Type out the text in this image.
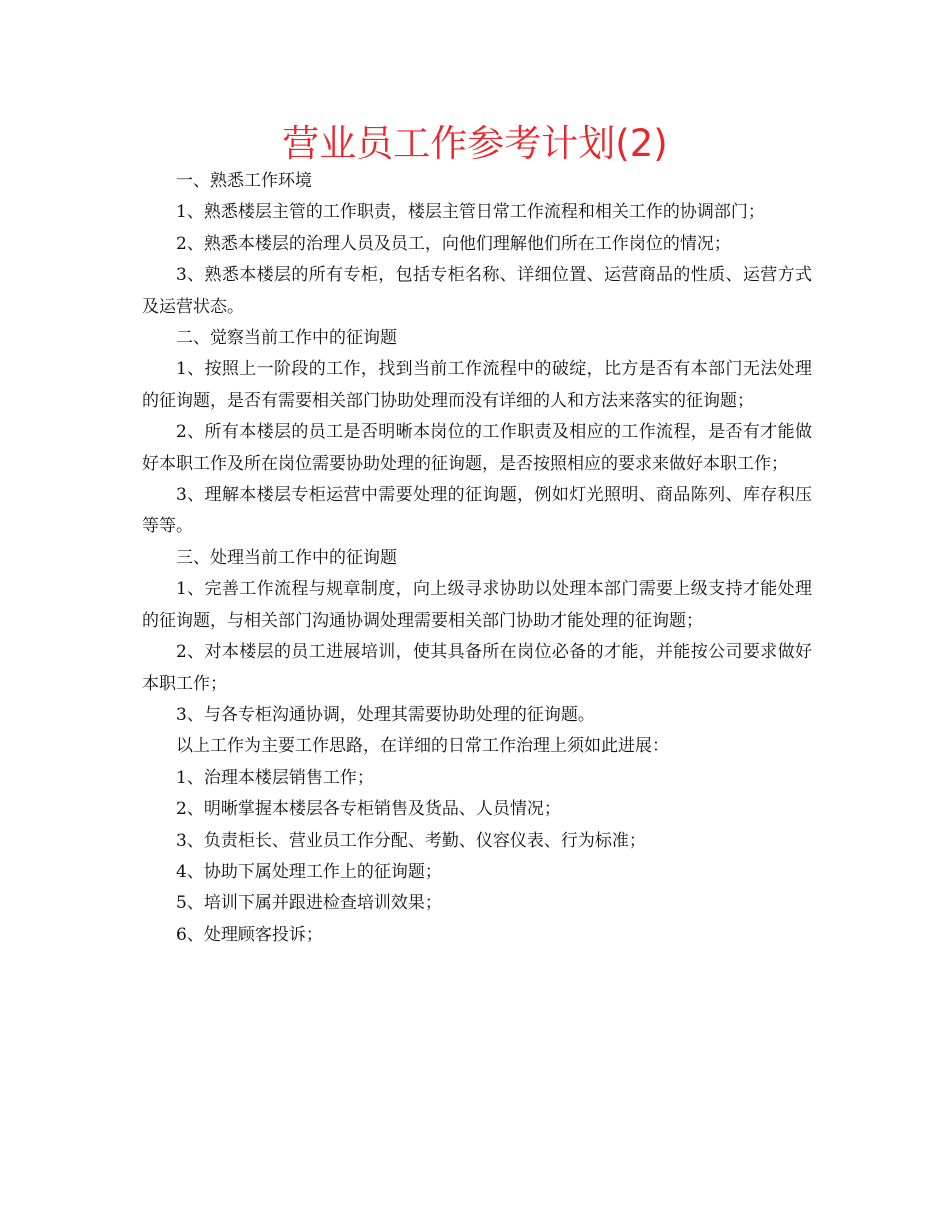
营业员工作参考计划(2)

一、熟悉工作环境

1、熟悉楼层主管的工作职责，楼层主管日常工作流程和相关工作的协调部门；

2、熟悉本楼层的治理人员及员工，向他们理解他们所在工作岗位的情况；

3、熟悉本楼层的所有专柜，包括专柜名称、详细位置、运营商品的性质、运营方式及运营状态。

二、觉察当前工作中的征询题

1、按照上一阶段的工作，找到当前工作流程中的破绽，比方是否有本部门无法处理的征询题，是否有需要相关部门协助处理而没有详细的人和方法来落实的征询题；

2、所有本楼层的员工是否明晰本岗位的工作职责及相应的工作流程，是否有才能做好本职工作及所在岗位需要协助处理的征询题，是否按照相应的要求来做好本职工作；

3、理解本楼层专柜运营中需要处理的征询题，例如灯光照明、商品陈列、库存积压等等。

三、处理当前工作中的征询题

1、完善工作流程与规章制度，向上级寻求协助以处理本部门需要上级支持才能处理的征询题，与相关部门沟通协调处理需要相关部门协助才能处理的征询题；

2、对本楼层的员工进展培训，使其具备所在岗位必备的才能，并能按公司要求做好本职工作；

3、与各专柜沟通协调，处理其需要协助处理的征询题。

以上工作为主要工作思路，在详细的日常工作治理上须如此进展：

1、治理本楼层销售工作；

2、明晰掌握本楼层各专柜销售及货品、人员情况；

3、负责柜长、营业员工作分配、考勤、仪容仪表、行为标准；

4、协助下属处理工作上的征询题；

5、培训下属并跟进检查培训效果；

6、处理顾客投诉；
